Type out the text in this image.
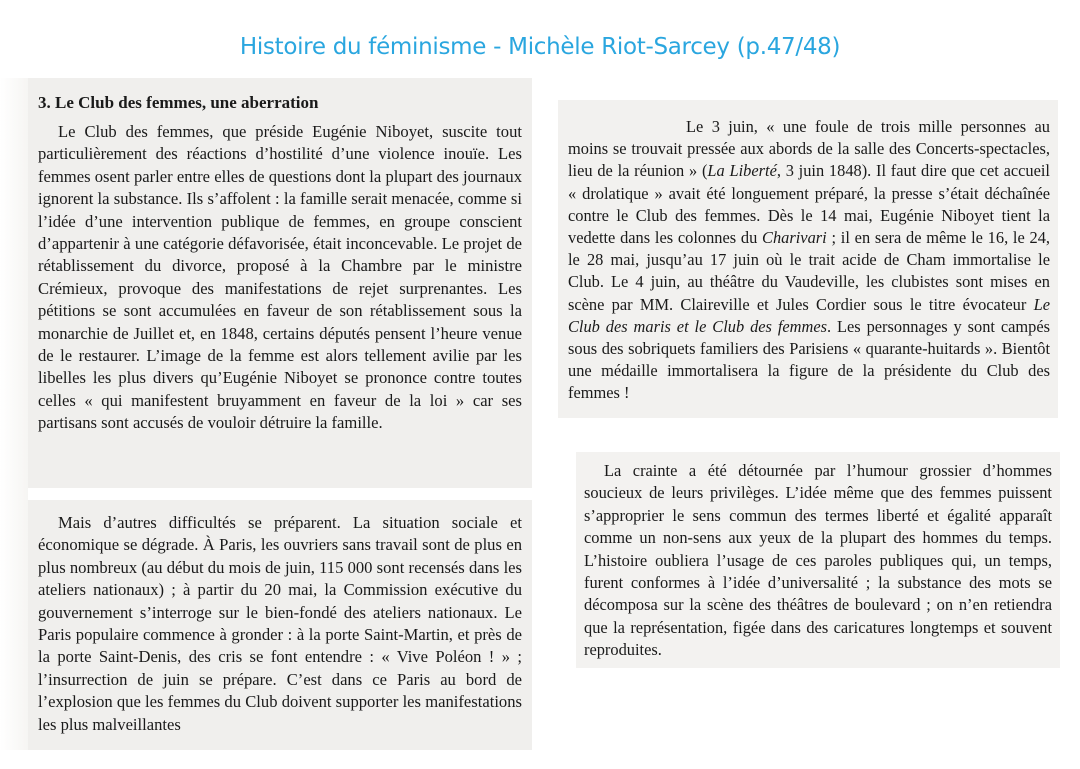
Histoire du féminisme - Michèle Riot-Sarcey (p.47/48)
3. Le Club des femmes, une aberration

Le Club des femmes, que préside Eugénie Niboyet, suscite tout particulièrement des réactions d’hostilité d’une violence inouïe. Les femmes osent parler entre elles de questions dont la plupart des journaux ignorent la substance. Ils s’affolent : la famille serait menacée, comme si l’idée d’une intervention publique de femmes, en groupe conscient d’appartenir à une catégorie défavorisée, était inconcevable. Le projet de rétablissement du divorce, proposé à la Chambre par le ministre Crémieux, provoque des manifestations de rejet surprenantes. Les pétitions se sont accumulées en faveur de son rétablissement sous la monarchie de Juillet et, en 1848, certains députés pensent l’heure venue de le restaurer. L’image de la femme est alors tellement avilie par les libelles les plus divers qu’Eugénie Niboyet se prononce contre toutes celles « qui manifestent bruyamment en faveur de la loi » car ses partisans sont accusés de vouloir détruire la famille.

Mais d’autres difficultés se préparent. La situation sociale et économique se dégrade. À Paris, les ouvriers sans travail sont de plus en plus nombreux (au début du mois de juin, 115 000 sont recensés dans les ateliers nationaux) ; à partir du 20 mai, la Commission exécutive du gouvernement s’interroge sur le bien-fondé des ateliers nationaux. Le Paris populaire commence à gronder : à la porte Saint-Martin, et près de la porte Saint-Denis, des cris se font entendre : « Vive Poléon ! » ; l’insurrection de juin se prépare. C’est dans ce Paris au bord de l’explosion que les femmes du Club doivent supporter les manifestations les plus malveillantes

Le 3 juin, « une foule de trois mille personnes au moins se trouvait pressée aux abords de la salle des Concerts-spectacles, lieu de la réunion » (La Liberté, 3 juin 1848). Il faut dire que cet accueil « drolatique » avait été longuement préparé, la presse s’était déchaînée contre le Club des femmes. Dès le 14 mai, Eugénie Niboyet tient la vedette dans les colonnes du Charivari ; il en sera de même le 16, le 24, le 28 mai, jusqu’au 17 juin où le trait acide de Cham immortalise le Club. Le 4 juin, au théâtre du Vaudeville, les clubistes sont mises en scène par MM. Claireville et Jules Cordier sous le titre évocateur Le Club des maris et le Club des femmes. Les personnages y sont campés sous des sobriquets familiers des Parisiens « quarante-huitards ». Bientôt une médaille immortalisera la figure de la présidente du Club des femmes !

La crainte a été détournée par l’humour grossier d’hommes soucieux de leurs privilèges. L’idée même que des femmes puissent s’approprier le sens commun des termes liberté et égalité apparaît comme un non-sens aux yeux de la plupart des hommes du temps. L’histoire oubliera l’usage de ces paroles publiques qui, un temps, furent conformes à l’idée d’universalité ; la substance des mots se décomposa sur la scène des théâtres de boulevard ; on n’en retiendra que la représentation, figée dans des caricatures longtemps et souvent reproduites.
